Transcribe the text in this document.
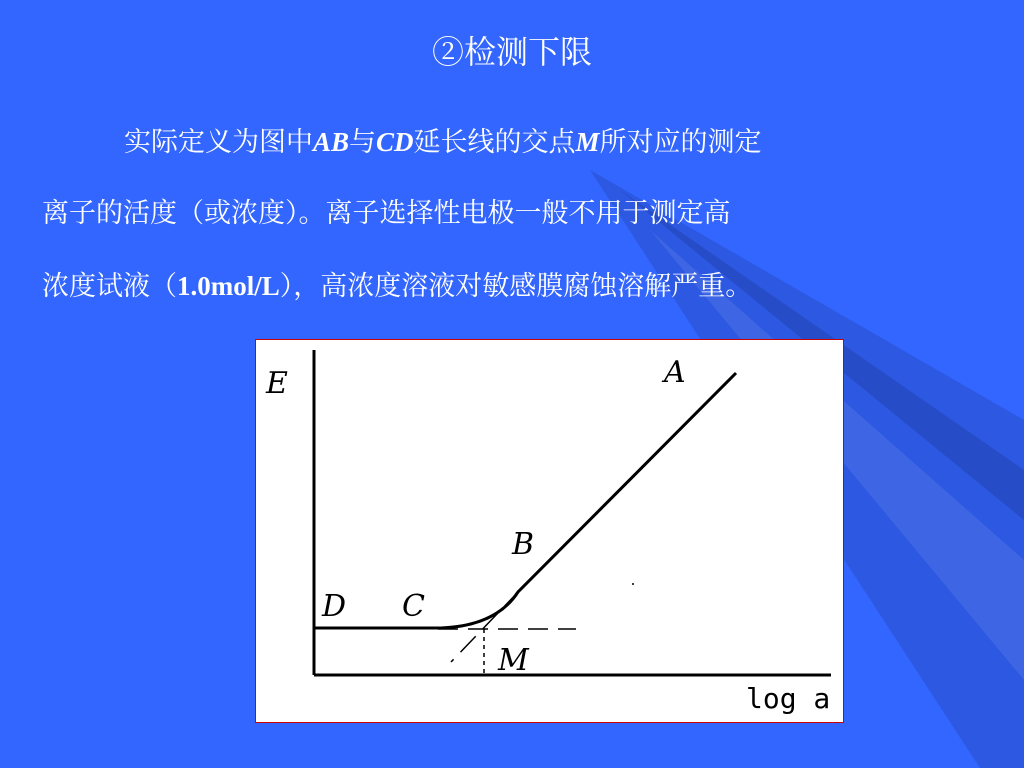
②检测下限
实际定义为图中AB与CD延长线的交点M所对应的测定
离子的活度（或浓度）。离子选择性电极一般不用于测定高
浓度试液（1.0mol/L），高浓度溶液对敏感膜腐蚀溶解严重。
E	A
B
C
D
M
log a
